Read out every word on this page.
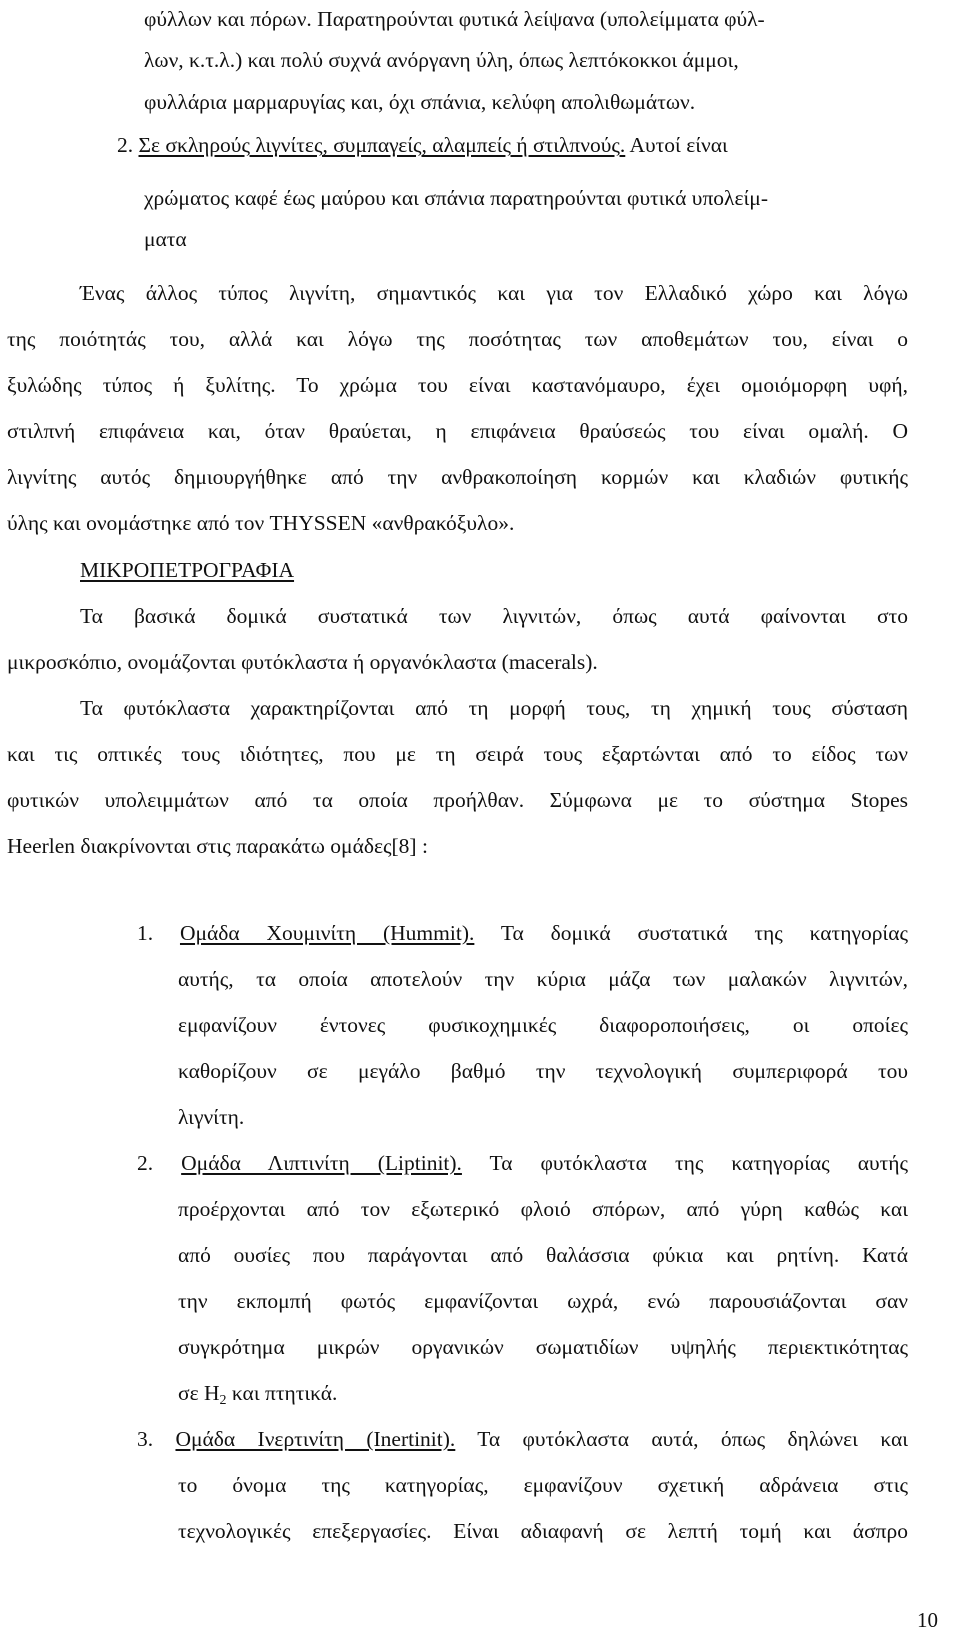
φύλλων και πόρων. Παρατηρούνται φυτικά λείψανα (υπολείμματα φύλ-

λων, κ.τ.λ.) και πολύ συχνά ανόργανη ύλη, όπως λεπτόκοκκοι άμμοι,

φυλλάρια μαρμαρυγίας και, όχι σπάνια, κελύφη απολιθωμάτων.

2. Σε σκληρούς λιγνίτες, συμπαγείς, αλαμπείς ή στιλπνούς. Αυτοί είναι

χρώματος καφέ έως μαύρου και σπάνια παρατηρούνται φυτικά υπολείμ-

ματα

Ένας άλλος τύπος λιγνίτη, σημαντικός και για τον Ελλαδικό χώρο και λόγω

της ποιότητάς του, αλλά και λόγω της ποσότητας των αποθεμάτων του, είναι ο

ξυλώδης τύπος ή ξυλίτης. Το χρώμα του είναι καστανόμαυρο, έχει ομοιόμορφη υφή,

στιλπνή επιφάνεια και, όταν θραύεται, η επιφάνεια θραύσεώς του είναι ομαλή. Ο

λιγνίτης αυτός δημιουργήθηκε από την ανθρακοποίηση κορμών και κλαδιών φυτικής

ύλης και ονομάστηκε από τον THYSSEN «ανθρακόξυλο».

ΜΙΚΡΟΠΕΤΡΟΓΡΑΦΙΑ

Τα βασικά δομικά συστατικά των λιγνιτών, όπως αυτά φαίνονται στο

μικροσκόπιο, ονομάζονται φυτόκλαστα ή οργανόκλαστα (macerals).

Τα φυτόκλαστα χαρακτηρίζονται από τη μορφή τους, τη χημική τους σύσταση

και τις οπτικές τους ιδιότητες, που με τη σειρά τους εξαρτώνται από το είδος των

φυτικών υπολειμμάτων από τα οποία προήλθαν. Σύμφωνα με το σύστημα Stopes

Heerlen διακρίνονται στις παρακάτω ομάδες[8] :

1. Ομάδα Χουμινίτη (Hummit). Τα δομικά συστατικά της κατηγορίας

αυτής, τα οποία αποτελούν την κύρια μάζα των μαλακών λιγνιτών,

εμφανίζουν έντονες φυσικοχημικές διαφοροποιήσεις, οι οποίες

καθορίζουν σε μεγάλο βαθμό την τεχνολογική συμπεριφορά του

λιγνίτη.

2. Ομάδα Λιπτινίτη (Liptinit). Τα φυτόκλαστα της κατηγορίας αυτής

προέρχονται από τον εξωτερικό φλοιό σπόρων, από γύρη καθώς και

από ουσίες που παράγονται από θαλάσσια φύκια και ρητίνη. Κατά

την εκπομπή φωτός εμφανίζονται ωχρά, ενώ παρουσιάζονται σαν

συγκρότημα μικρών οργανικών σωματιδίων υψηλής περιεκτικότητας

σε $H_2$ και πτητικά.

3. Ομάδα Ινερτινίτη (Inertinit). Τα φυτόκλαστα αυτά, όπως δηλώνει και

το όνομα της κατηγορίας, εμφανίζουν σχετική αδράνεια στις

τεχνολογικές επεξεργασίες. Είναι αδιαφανή σε λεπτή τομή και άσπρο

10
